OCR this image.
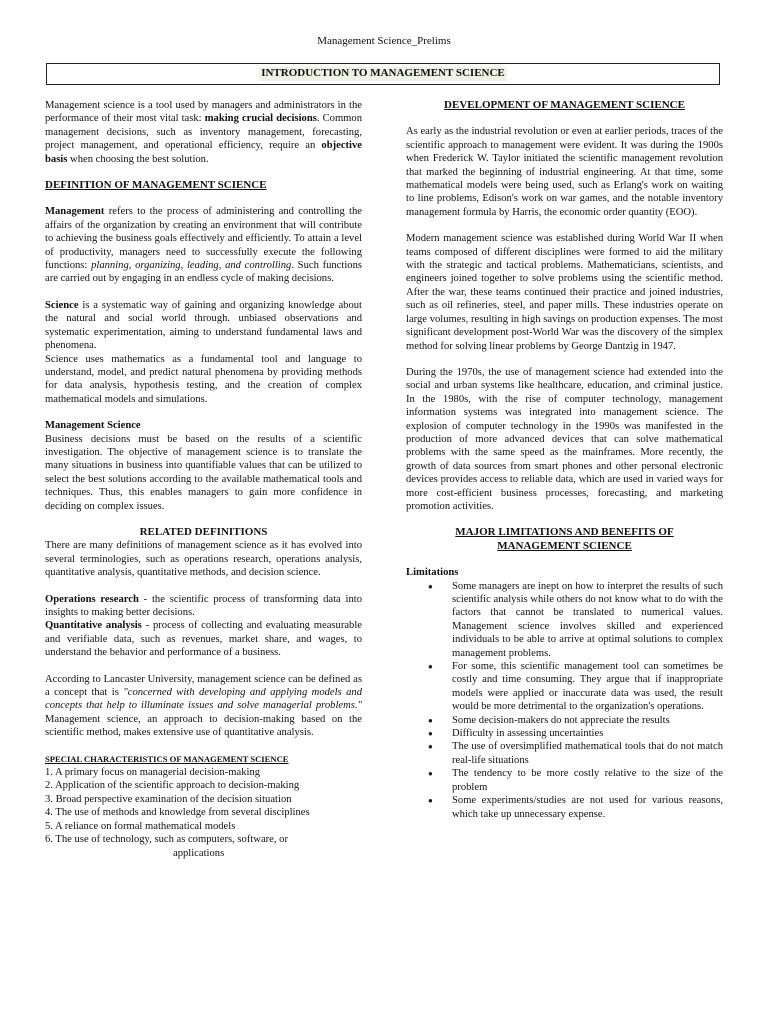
Management Science_Prelims
INTRODUCTION TO MANAGEMENT SCIENCE

Management science is a tool used by managers and administrators in the performance of their most vital task: making crucial decisions. Common management decisions, such as inventory management, forecasting, project management, and operational efficiency, require an objective basis when choosing the best solution.

DEFINITION OF MANAGEMENT SCIENCE

Management refers to the process of administering and controlling the affairs of the organization by creating an environment that will contribute to achieving the business goals effectively and efficiently. To attain a level of productivity, managers need to successfully execute the following functions: planning, organizing, leading, and controlling. Such functions are carried out by engaging in an endless cycle of making decisions.

Science is a systematic way of gaining and organizing knowledge about the natural and social world through. unbiased observations and systematic experimentation, aiming to understand fundamental laws and phenomena.

Science uses mathematics as a fundamental tool and language to understand, model, and predict natural phenomena by providing methods for data analysis, hypothesis testing, and the creation of complex mathematical models and simulations.

Management Science

Business decisions must be based on the results of a scientific investigation. The objective of management science is to translate the many situations in business into quantifiable values that can be utilized to select the best solutions according to the available mathematical tools and techniques. Thus, this enables managers to gain more confidence in deciding on complex issues.

RELATED DEFINITIONS

There are many definitions of management science as it has evolved into several terminologies, such as operations research, operations analysis, quantitative analysis, quantitative methods, and decision science.

Operations research - the scientific process of transforming data into insights to making better decisions.

Quantitative analysis - process of collecting and evaluating measurable and verifiable data, such as revenues, market share, and wages, to understand the behavior and performance of a business.

According to Lancaster University, management science can be defined as a concept that is "concerned with developing and applying models and concepts that help to illuminate issues and solve managerial problems." Management science, an approach to decision-making based on the scientific method, makes extensive use of quantitative analysis.

SPECIAL CHARACTERISTICS OF MANAGEMENT SCIENCE
1. A primary focus on managerial decision-making
2. Application of the scientific approach to decision-making
3. Broad perspective examination of the decision situation
4. The use of methods and knowledge from several disciplines
5. A reliance on formal mathematical models
6. The use of technology, such as computers, software, or
applications
DEVELOPMENT OF MANAGEMENT SCIENCE

As early as the industrial revolution or even at earlier periods, traces of the scientific approach to management were evident. It was during the 1900s when Frederick W. Taylor initiated the scientific management revolution that marked the beginning of industrial engineering. At that time, some mathematical models were being used, such as Erlang's work on waiting to line problems, Edison's work on war games, and the notable inventory management formula by Harris, the economic order quantity (EOO).

Modern management science was established during World War II when teams composed of different disciplines were formed to aid the military with the strategic and tactical problems. Mathematicians, scientists, and engineers joined together to solve problems using the scientific method. After the war, these teams continued their practice and joined industries, such as oil refineries, steel, and paper mills. These industries operate on large volumes, resulting in high savings on production expenses. The most significant development post-World War was the discovery of the simplex method for solving linear problems by George Dantzig in 1947.

During the 1970s, the use of management science had extended into the social and urban systems like healthcare, education, and criminal justice. In the 1980s, with the rise of computer technology, management information systems was integrated into management science. The explosion of computer technology in the 1990s was manifested in the production of more advanced devices that can solve mathematical problems with the same speed as the mainframes. More recently, the growth of data sources from smart phones and other personal electronic devices provides access to reliable data, which are used in varied ways for more cost-efficient business processes, forecasting, and marketing promotion activities.

MAJOR LIMITATIONS AND BENEFITS OF
MANAGEMENT SCIENCE
Limitations
● Some managers are inept on how to interpret the results of such scientific analysis while others do not know what to do with the factors that cannot be translated to numerical values. Management science involves skilled and experienced individuals to be able to arrive at optimal solutions to complex management problems.
● For some, this scientific management tool can sometimes be costly and time consuming. They argue that if inappropriate models were applied or inaccurate data was used, the result would be more detrimental to the organization's operations.
● Some decision-makers do not appreciate the results
● Difficulty in assessing uncertainties
● The use of oversimplified mathematical tools that do not match real-life situations
● The tendency to be more costly relative to the size of the problem
● Some experiments/studies are not used for various reasons, which take up unnecessary expense.
